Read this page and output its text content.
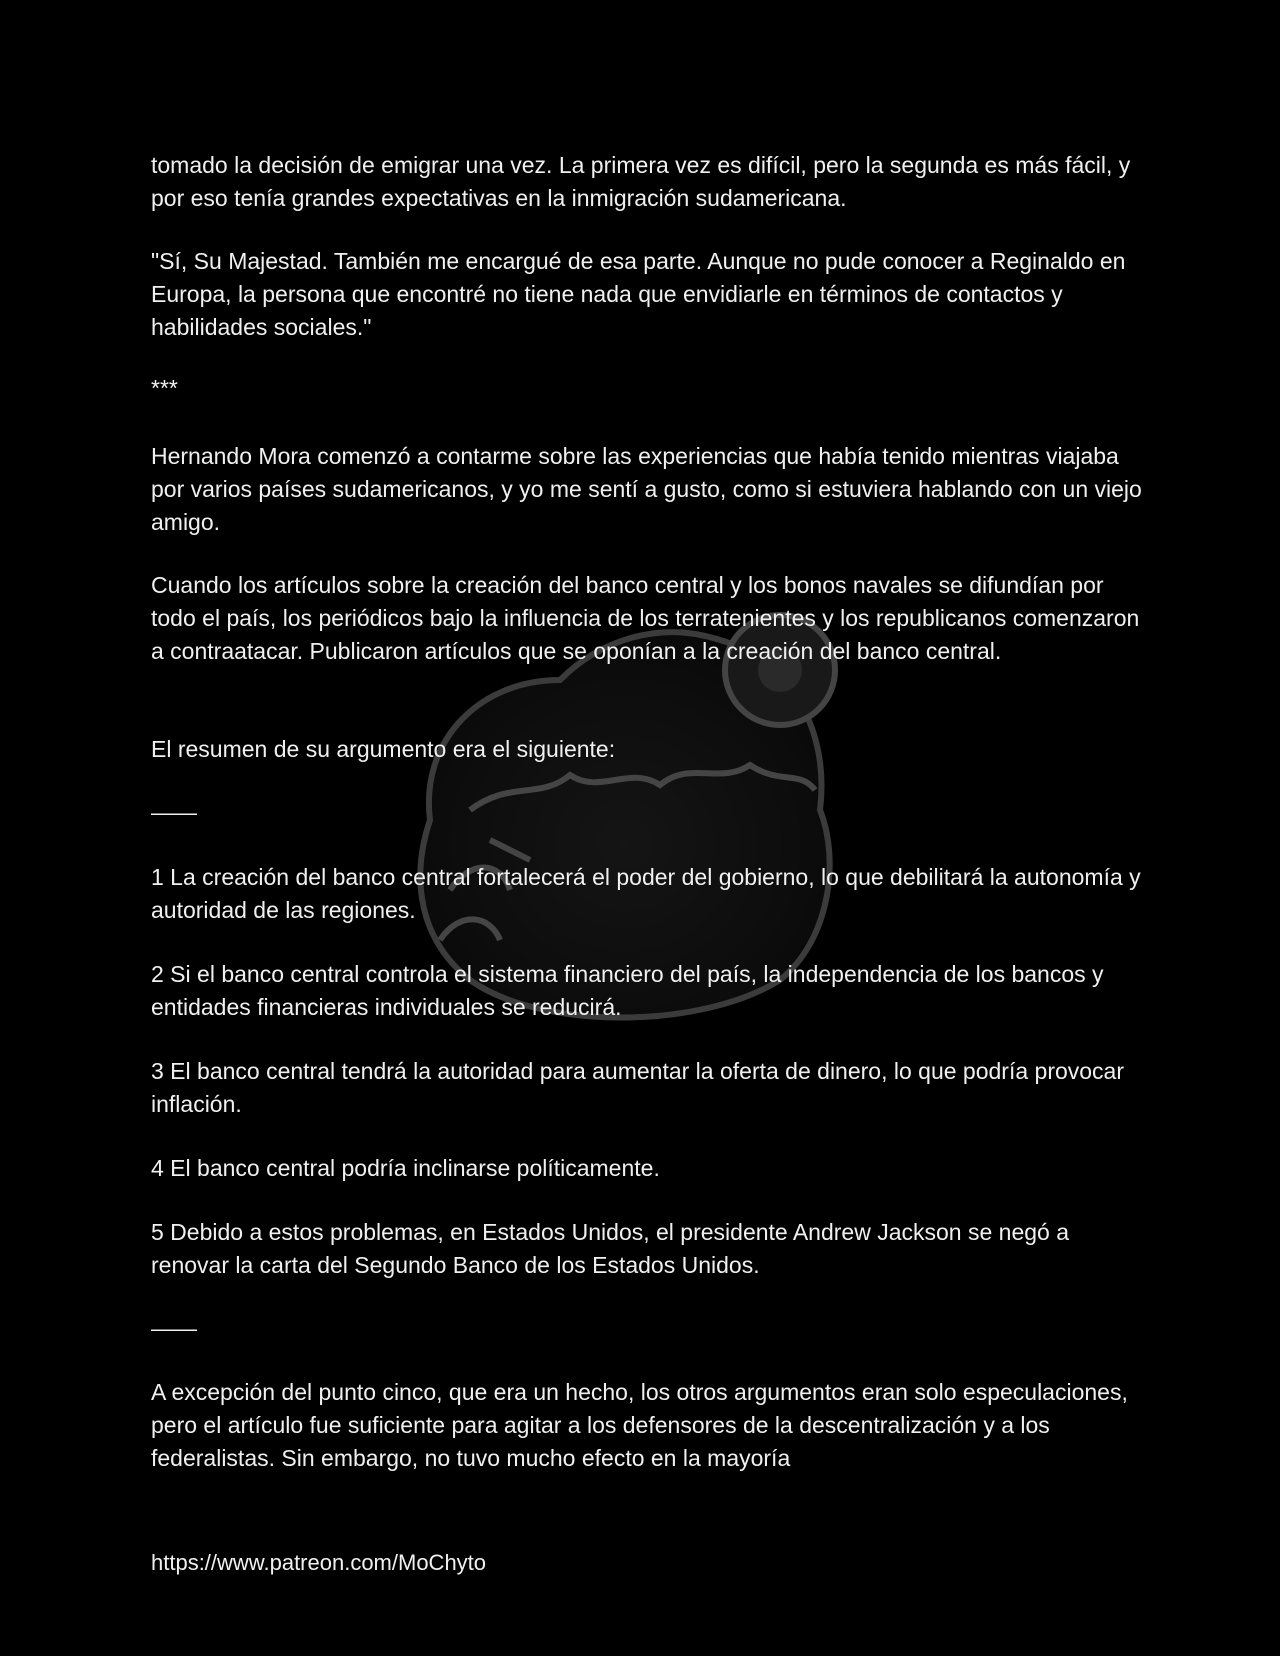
tomado la decisión de emigrar una vez. La primera vez es difícil, pero la segunda es más fácil, y por eso tenía grandes expectativas en la inmigración sudamericana.
"Sí, Su Majestad. También me encargué de esa parte. Aunque no pude conocer a Reginaldo en Europa, la persona que encontré no tiene nada que envidiarle en términos de contactos y habilidades sociales."
***
Hernando Mora comenzó a contarme sobre las experiencias que había tenido mientras viajaba por varios países sudamericanos, y yo me sentí a gusto, como si estuviera hablando con un viejo amigo.
Cuando los artículos sobre la creación del banco central y los bonos navales se difundían por todo el país, los periódicos bajo la influencia de los terratenientes y los republicanos comenzaron a contraatacar. Publicaron artículos que se oponían a la creación del banco central.
El resumen de su argumento era el siguiente:
——
1 La creación del banco central fortalecerá el poder del gobierno, lo que debilitará la autonomía y autoridad de las regiones.
2 Si el banco central controla el sistema financiero del país, la independencia de los bancos y entidades financieras individuales se reducirá.
3 El banco central tendrá la autoridad para aumentar la oferta de dinero, lo que podría provocar inflación.
4 El banco central podría inclinarse políticamente.
5 Debido a estos problemas, en Estados Unidos, el presidente Andrew Jackson se negó a renovar la carta del Segundo Banco de los Estados Unidos.
——
A excepción del punto cinco, que era un hecho, los otros argumentos eran solo especulaciones, pero el artículo fue suficiente para agitar a los defensores de la descentralización y a los federalistas. Sin embargo, no tuvo mucho efecto en la mayoría
https://www.patreon.com/MoChyto
